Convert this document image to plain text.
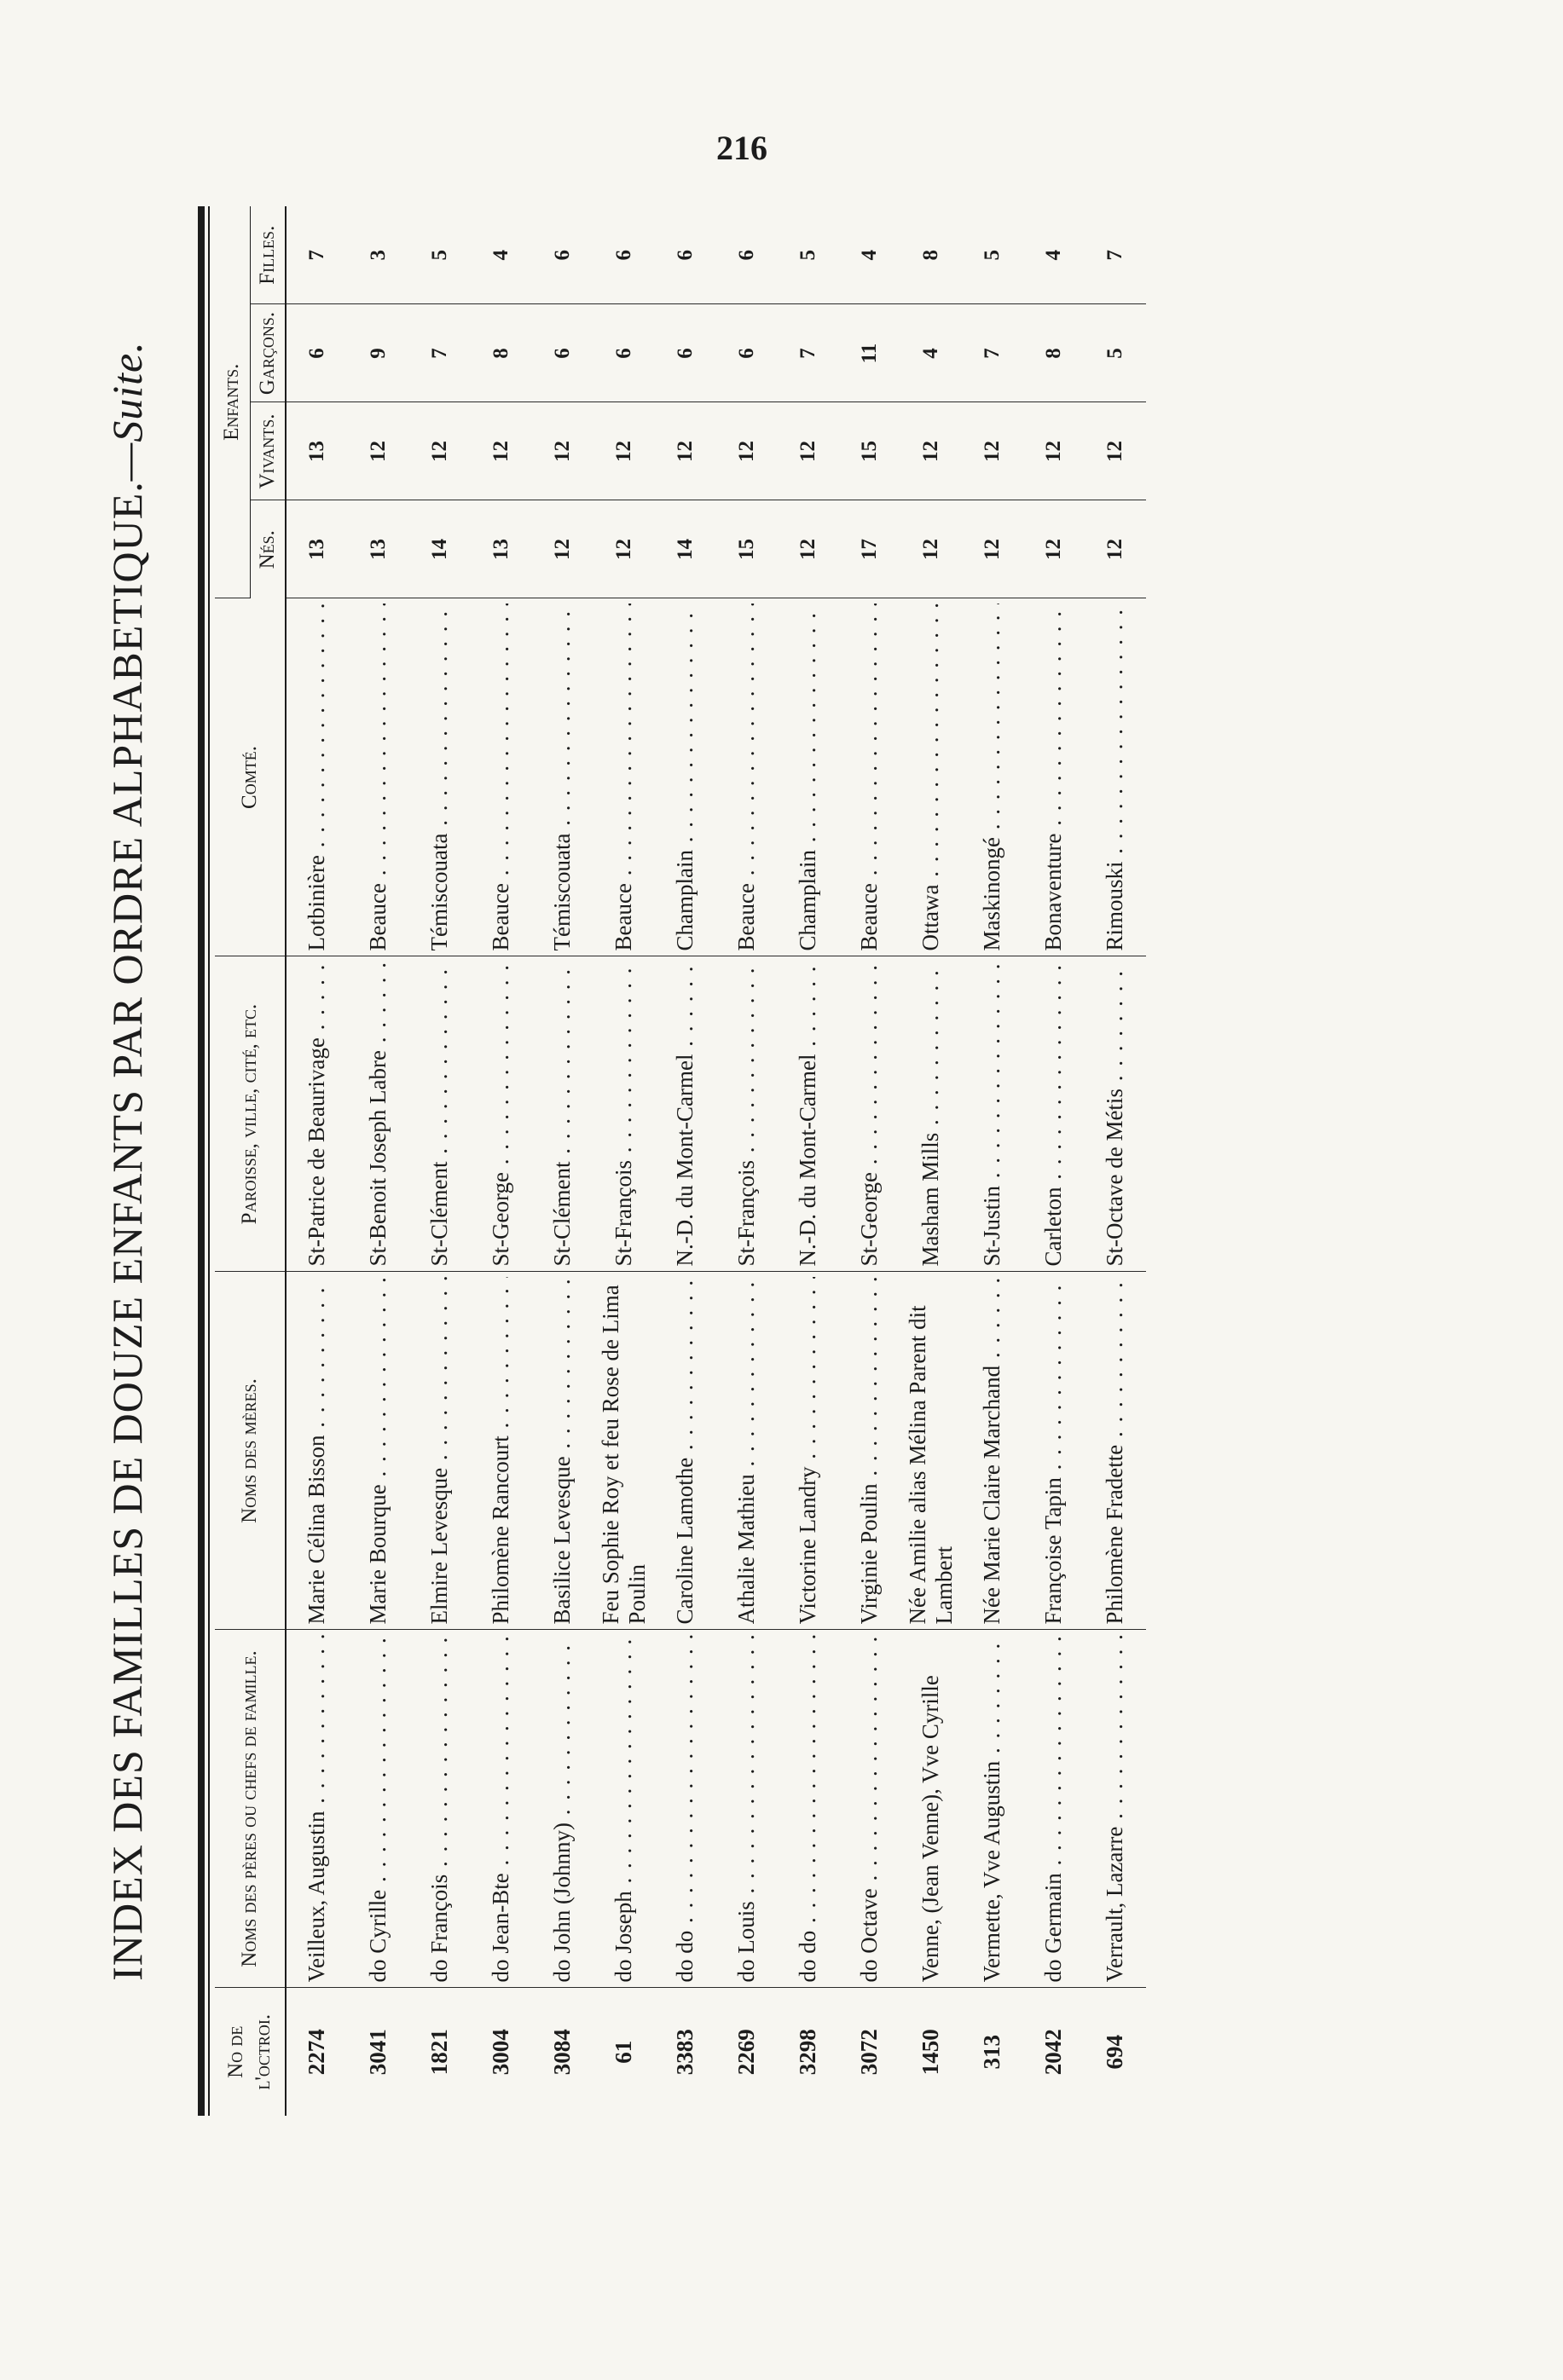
216
INDEX DES FAMILLES DE DOUZE ENFANTS PAR ORDRE ALPHABETIQUE.—Suite.
No de l'octroi.	Noms des pères ou chefs de famille.	Noms des mères.	Paroisse, ville, cité, etc.	Comté.	Enfants.			
					Nés.	Vivants.	Garçons.	Filles.
2274	Veilleux, Augustin . . .	Marie Célina Bisson . . .	St-Patrice de Beaurivage . . .	Lotbinière . . .	13	13	6	7
3041	do Cyrille . . .	Marie Bourque . . .	St-Benoit Joseph Labre . . .	Beauce . . .	13	12	9	3
1821	do François . . .	Elmire Levesque . . .	St-Clément . . .	Témiscouata . . .	14	12	7	5
3004	do Jean-Bte . . .	Philomène Rancourt . . .	St-George . . .	Beauce . . .	13	12	8	4
3084	do John (Johnny) . . .	Basilice Levesque . . .	St-Clément . . .	Témiscouata . . .	12	12	6	6
61	do Joseph . . .	Feu Sophie Roy et feu Rose de Lima Poulin	St-François . . .	Beauce . . .	12	12	6	6
3383	do do . . .	Caroline Lamothe . . .	N.-D. du Mont-Carmel . . .	Champlain . . .	14	12	6	6
2269	do Louis . . .	Athalie Mathieu . . .	St-François . . .	Beauce . . .	15	12	6	6
3298	do do . . .	Victorine Landry . . .	N.-D. du Mont-Carmel . . .	Champlain . . .	12	12	7	5
3072	do Octave . . .	Virginie Poulin . . .	St-George . . .	Beauce . . .	17	15	11	4
1450	Venne, (Jean Venne), Vve Cyrille	Née Amilie alias Mélina Parent dit Lambert	Masham Mills . . .	Ottawa . . .	12	12	4	8
313	Vermette, Vve Augustin . . .	Née Marie Claire Marchand . . .	St-Justin . . .	Maskinongé . . .	12	12	7	5
2042	do Germain . . .	Françoise Tapin . . .	Carleton . . .	Bonaventure . . .	12	12	8	4
694	Verrault, Lazarre . . .	Philomène Fradette . . .	St-Octave de Métis . . .	Rimouski . . .	12	12	5	7
